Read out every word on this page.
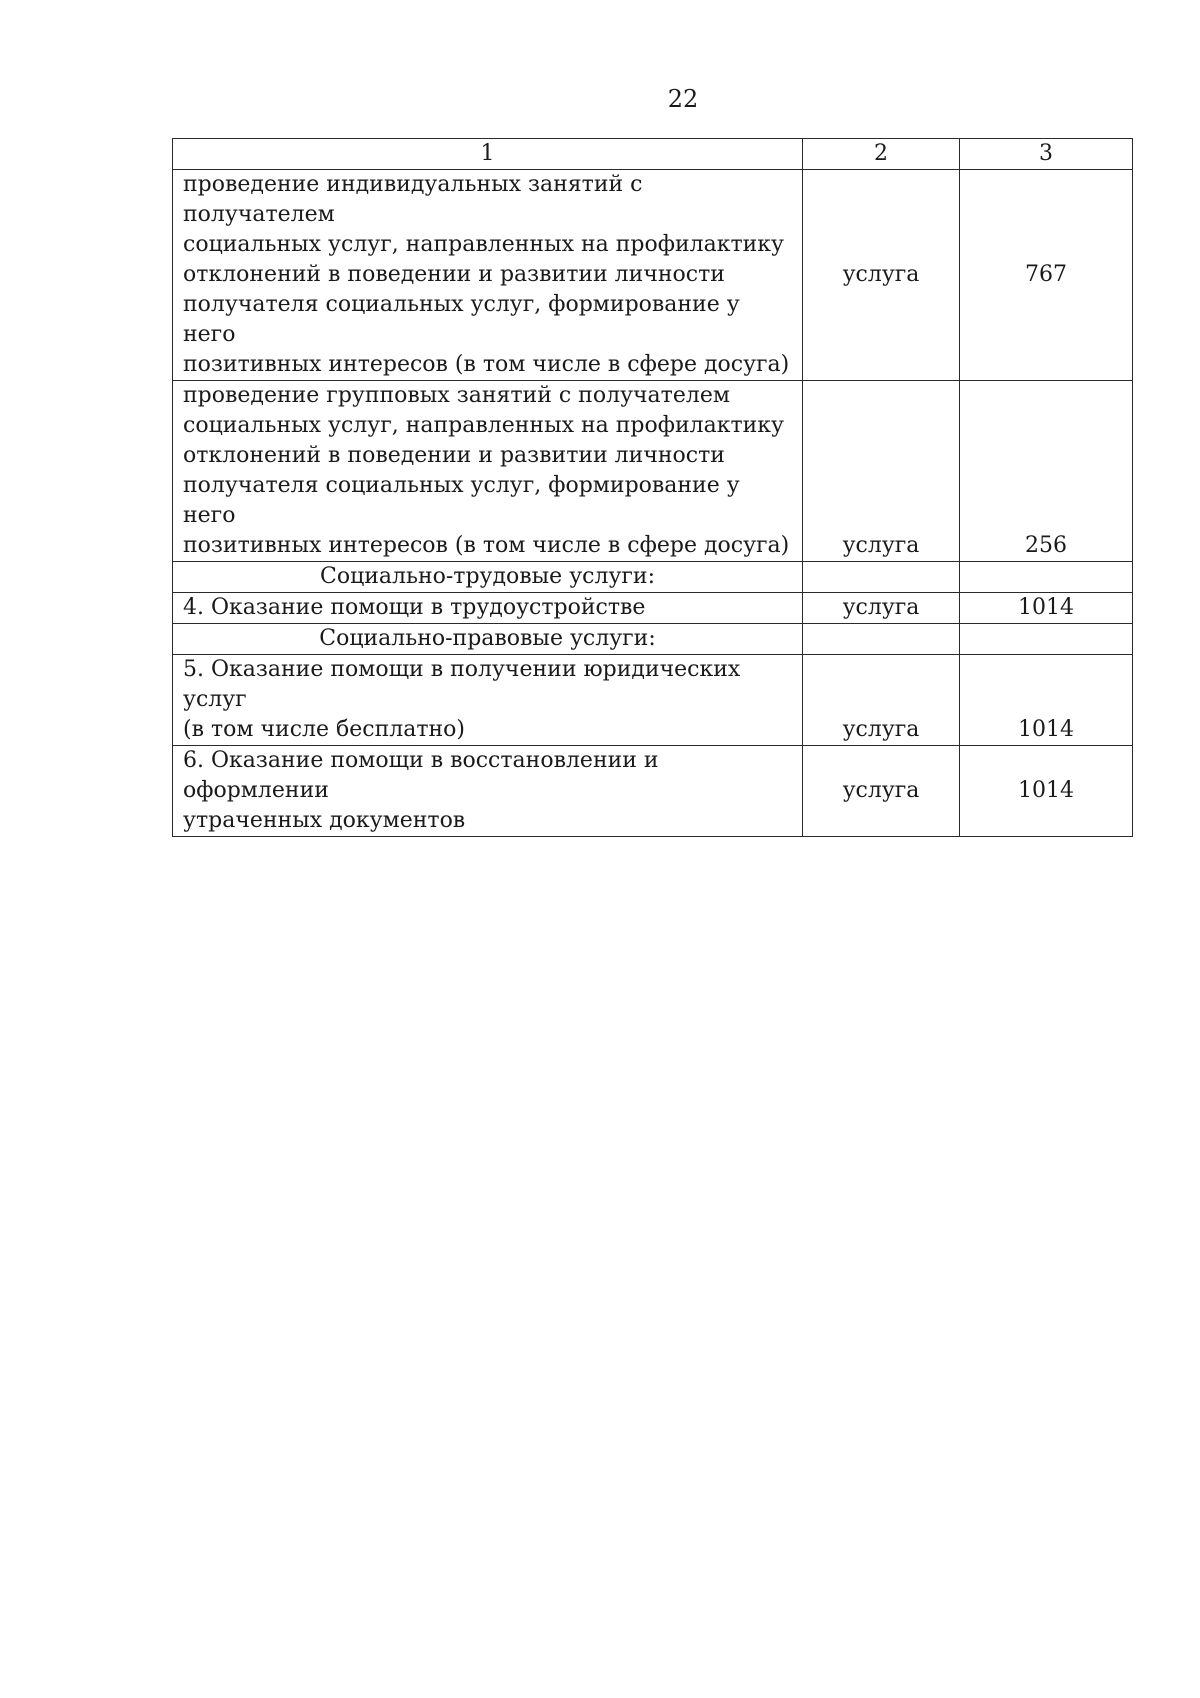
22
1	2	3

проведение индивидуальных занятий с получателем
социальных услуг, направленных на профилактику
отклонений в поведении и развитии личности
получателя социальных услуг, формирование у него
позитивных интересов (в том числе в сфере досуга)	услуга	767

проведение групповых занятий с получателем
социальных услуг, направленных на профилактику
отклонений в поведении и развитии личности
получателя социальных услуг, формирование у него
позитивных интересов (в том числе в сфере досуга)	услуга	256
Социально-трудовые услуги:		
4. Оказание помощи в трудоустройстве	услуга	1014
Социально-правовые услуги:		

5. Оказание помощи в получении юридических услуг
(в том числе бесплатно)	услуга	1014

6. Оказание помощи в восстановлении и оформлении
утраченных документов	услуга	1014
